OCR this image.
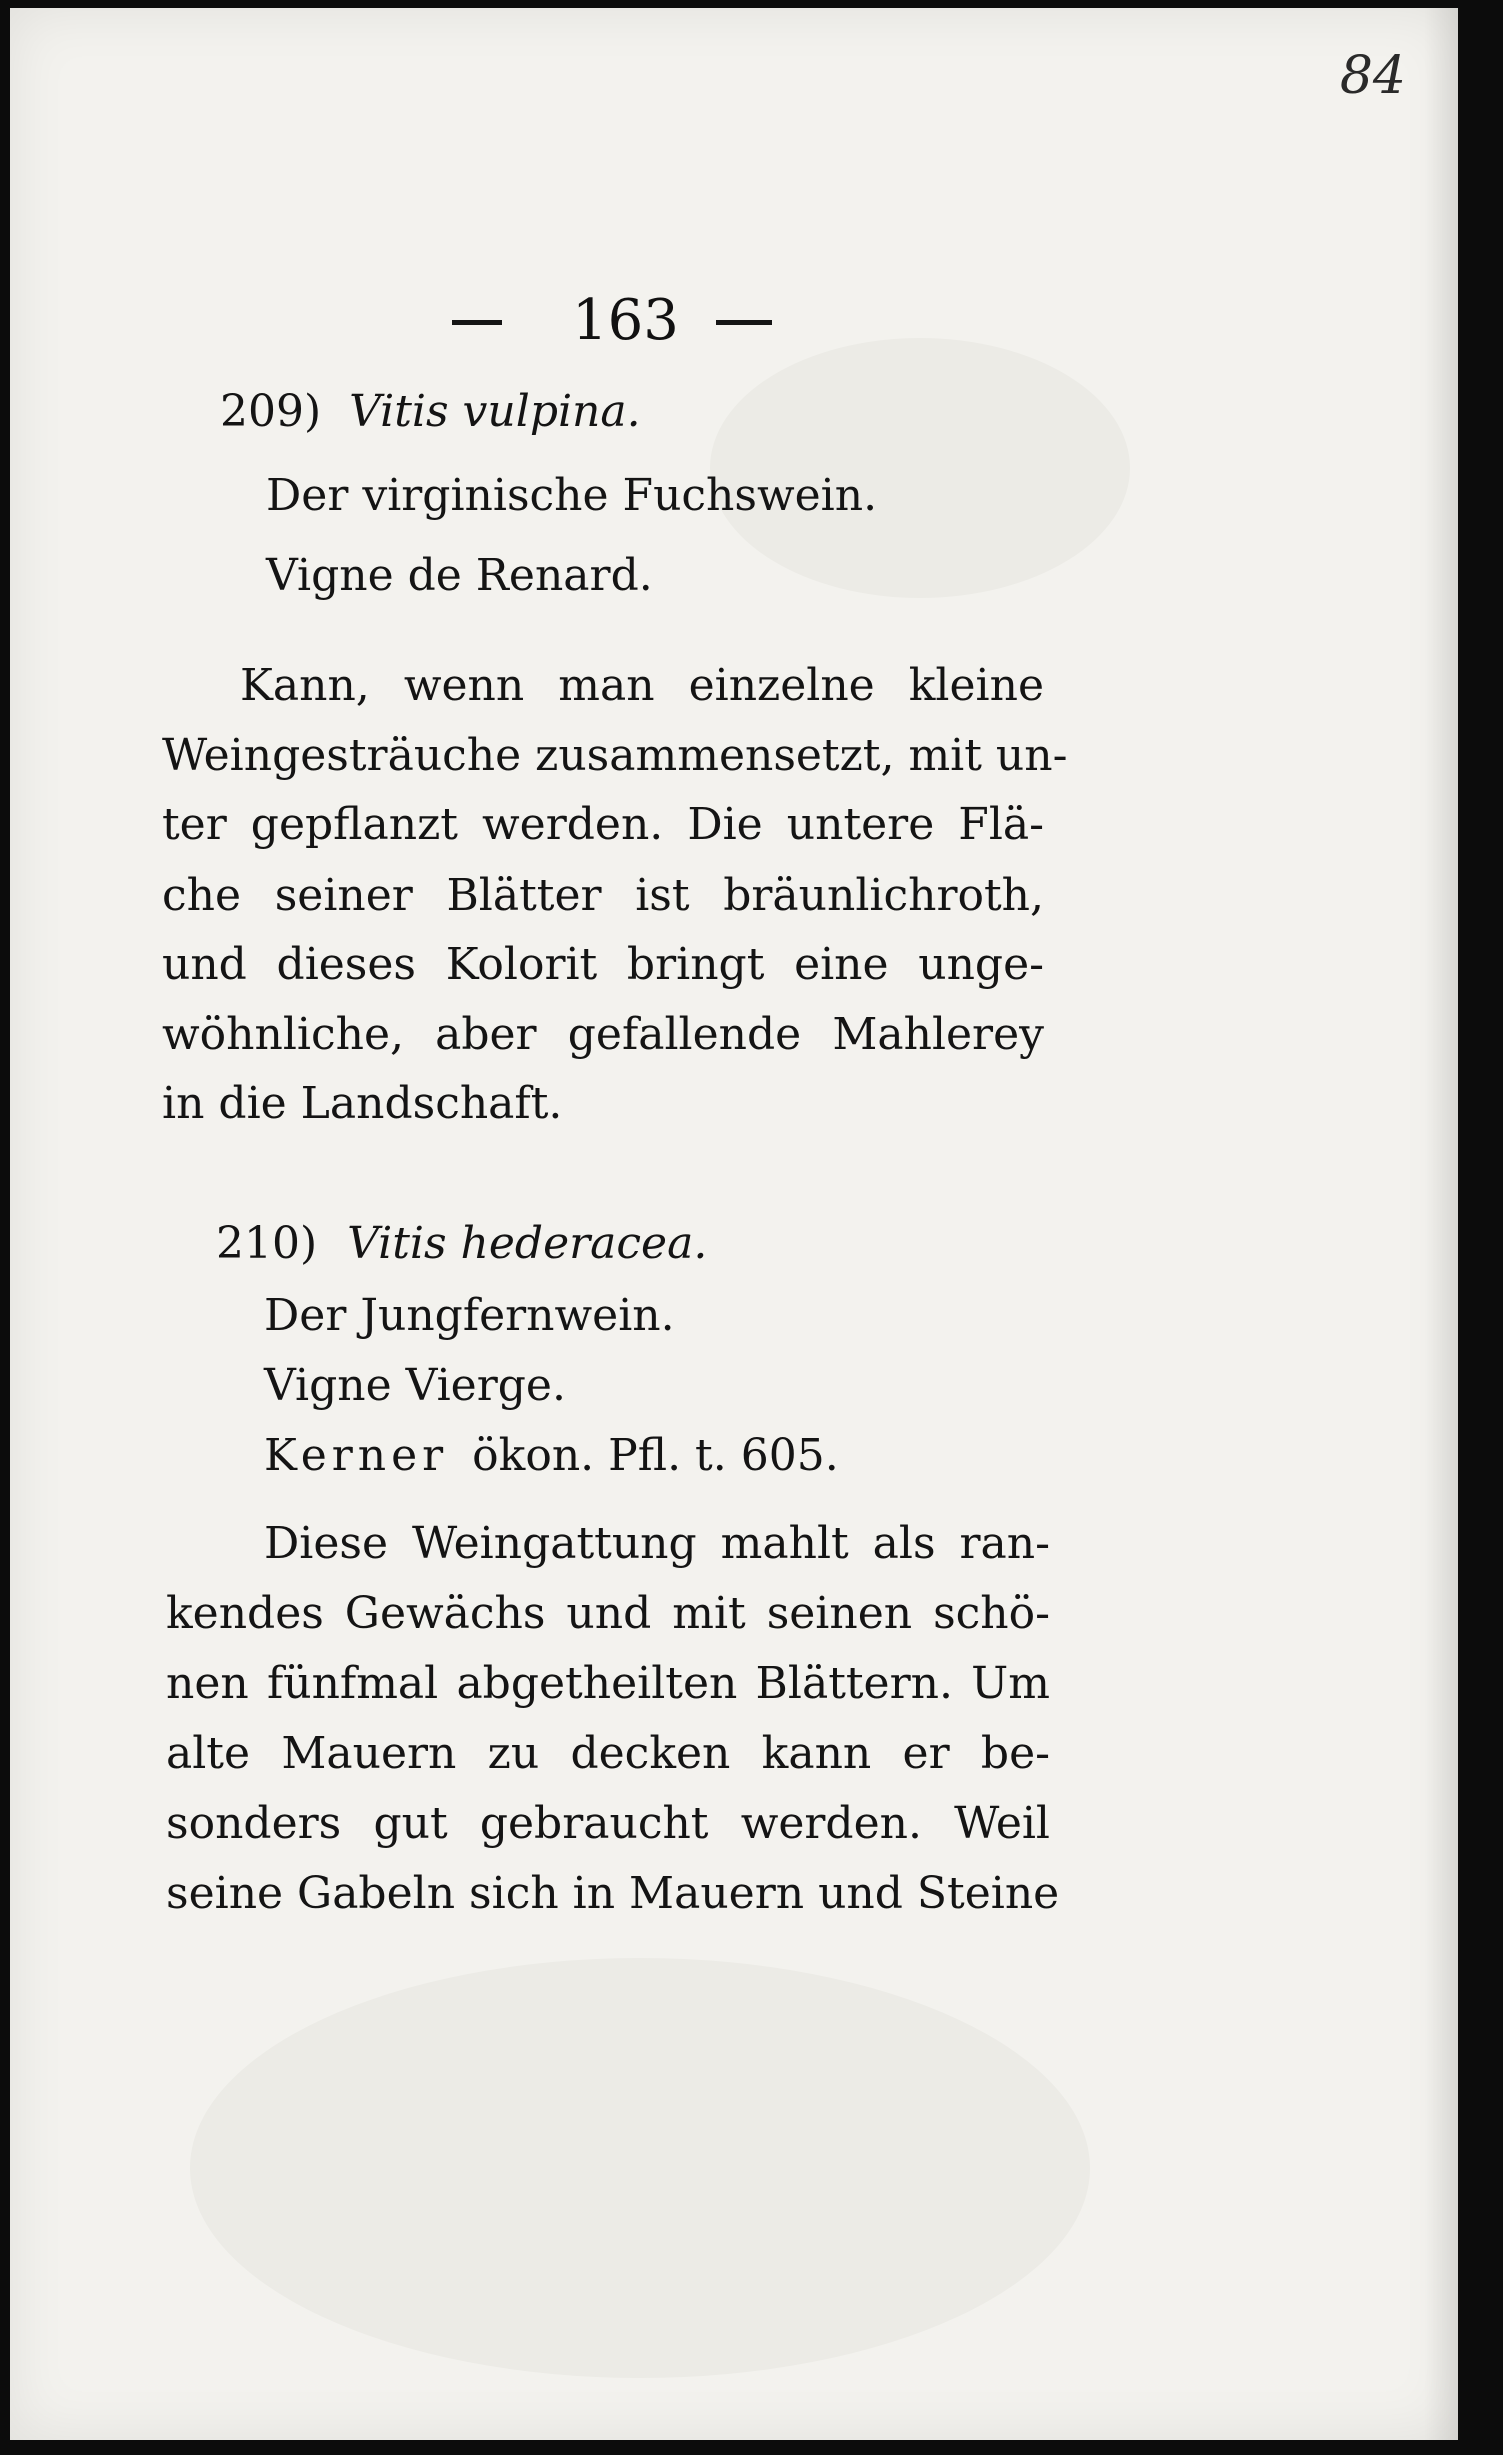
84
163
209) Vitis vulpina.
Der virginische Fuchswein.
Vigne de Renard.
Kann, wenn man einzelne kleine
Weingesträuche zusammensetzt, mit un-
ter gepflanzt werden. Die untere Flä-
che seiner Blätter ist bräunlichroth,
und dieses Kolorit bringt eine unge-
wöhnliche, aber gefallende Mahlerey
in die Landschaft.
210) Vitis hederacea.
Der Jungfernwein.
Vigne Vierge.
Kerner ökon. Pfl. t. 605.
Diese Weingattung mahlt als ran-
kendes Gewächs und mit seinen schö-
nen fünfmal abgetheilten Blättern. Um
alte Mauern zu decken kann er be-
sonders gut gebraucht werden. Weil
seine Gabeln sich in Mauern und Steine
